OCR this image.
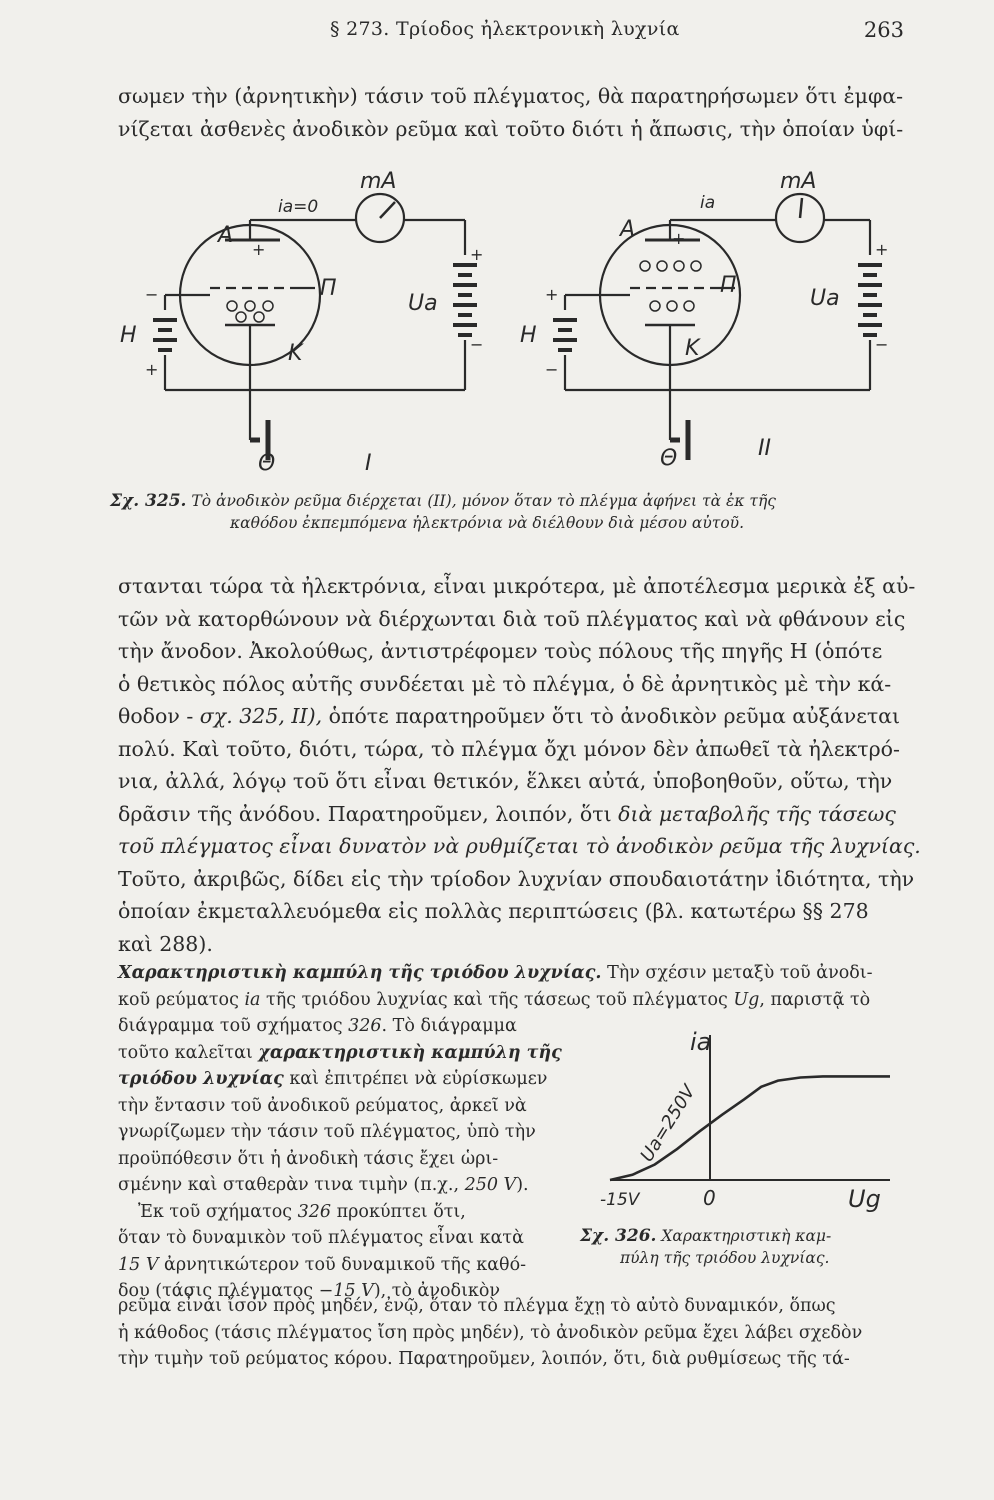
§ 273. Τρίοδος ἠλεκτρονικὴ λυχνία	263
σωμεν τὴν (ἀρνητικὴν) τάσιν τοῦ πλέγματος, θὰ παρατηρήσωμεν ὅτι ἐμφα-
νίζεται ἀσθενὲς ἀνοδικὸν ρεῦμα καὶ τοῦτο διότι ἡ ἄπωσις, τὴν ὁποίαν ὑφί-
mA
ia=0
A
Π
K
H
Ua
Θ	I
mA
ia
A
Π
K
H
Ua
Θ	II
+	+
−
−
+
+
+
−
+
−
Σχ. 325. Τὸ ἀνοδικὸν ρεῦμα διέρχεται (II), μόνον ὅταν τὸ πλέγμα ἀφήνει τὰ ἐκ τῆς
καθόδου ἐκπεμπόμενα ἠλεκτρόνια νὰ διέλθουν διὰ μέσου αὐτοῦ.
στανται τώρα τὰ ἠλεκτρόνια, εἶναι μικρότερα, μὲ ἀποτέλεσμα μερικὰ ἐξ αὐ-
τῶν νὰ κατορθώνουν νὰ διέρχωνται διὰ τοῦ πλέγματος καὶ νὰ φθάνουν εἰς
τὴν ἄνοδον. Ἀκολούθως, ἀντιστρέφομεν τοὺς πόλους τῆς πηγῆς Η (ὁπότε
ὁ θετικὸς πόλος αὐτῆς συνδέεται μὲ τὸ πλέγμα, ὁ δὲ ἀρνητικὸς μὲ τὴν κά-
θοδον - σχ. 325, II), ὁπότε παρατηροῦμεν ὅτι τὸ ἀνοδικὸν ρεῦμα αὐξάνεται
πολύ. Καὶ τοῦτο, διότι, τώρα, τὸ πλέγμα ὄχι μόνον δὲν ἀπωθεῖ τὰ ἠλεκτρό-
νια, ἀλλά, λόγῳ τοῦ ὅτι εἶναι θετικόν, ἕλκει αὐτά, ὑποβοηθοῦν, οὕτω, τὴν
δρᾶσιν τῆς ἀνόδου. Παρατηροῦμεν, λοιπόν, ὅτι διὰ μεταβολῆς τῆς τάσεως
τοῦ πλέγματος εἶναι δυνατὸν νὰ ρυθμίζεται τὸ ἀνοδικὸν ρεῦμα τῆς λυχνίας.
Τοῦτο, ἀκριβῶς, δίδει εἰς τὴν τρίοδον λυχνίαν σπουδαιοτάτην ἰδιότητα, τὴν
ὁποίαν ἐκμεταλλευόμεθα εἰς πολλὰς περιπτώσεις (βλ. κατωτέρω §§ 278
καὶ 288).
Χαρακτηριστικὴ καμπύλη τῆς τριόδου λυχνίας. Τὴν σχέσιν μεταξὺ τοῦ ἀνοδι-
κοῦ ρεύματος ia τῆς τριόδου λυχνίας καὶ τῆς τάσεως τοῦ πλέγματος Ug, παριστᾷ τὸ
διάγραμμα τοῦ σχήματος 326. Τὸ διάγραμμα
τοῦτο καλεῖται χαρακτηριστικὴ καμπύλη τῆς
τριόδου λυχνίας καὶ ἐπιτρέπει νὰ εὑρίσκωμεν
τὴν ἔντασιν τοῦ ἀνοδικοῦ ρεύματος, ἀρκεῖ νὰ
γνωρίζωμεν τὴν τάσιν τοῦ πλέγματος, ὑπὸ τὴν
προϋπόθεσιν ὅτι ἡ ἀνοδικὴ τάσις ἔχει ὡρι-
σμένην καὶ σταθερὰν τινα τιμὴν (π.χ., 250 V).
Ἐκ τοῦ σχήματος 326 προκύπτει ὅτι,
ὅταν τὸ δυναμικὸν τοῦ πλέγματος εἶναι κατὰ
15 V ἀρνητικώτερον τοῦ δυναμικοῦ τῆς καθό-
δου (τάσις πλέγματος −15 V), τὸ ἀνοδικὸν
ia
Ug
-15V	0
Ua=250V
Σχ. 326. Χαρακτηριστικὴ καμ-
πύλη τῆς τριόδου λυχνίας.
ρεῦμα εἶναι ἴσον πρὸς μηδέν, ἐνῷ, ὅταν τὸ πλέγμα ἔχῃ τὸ αὐτὸ δυναμικόν, ὅπως
ἡ κάθοδος (τάσις πλέγματος ἴση πρὸς μηδέν), τὸ ἀνοδικὸν ρεῦμα ἔχει λάβει σχεδὸν
τὴν τιμὴν τοῦ ρεύματος κόρου. Παρατηροῦμεν, λοιπόν, ὅτι, διὰ ρυθμίσεως τῆς τά-
